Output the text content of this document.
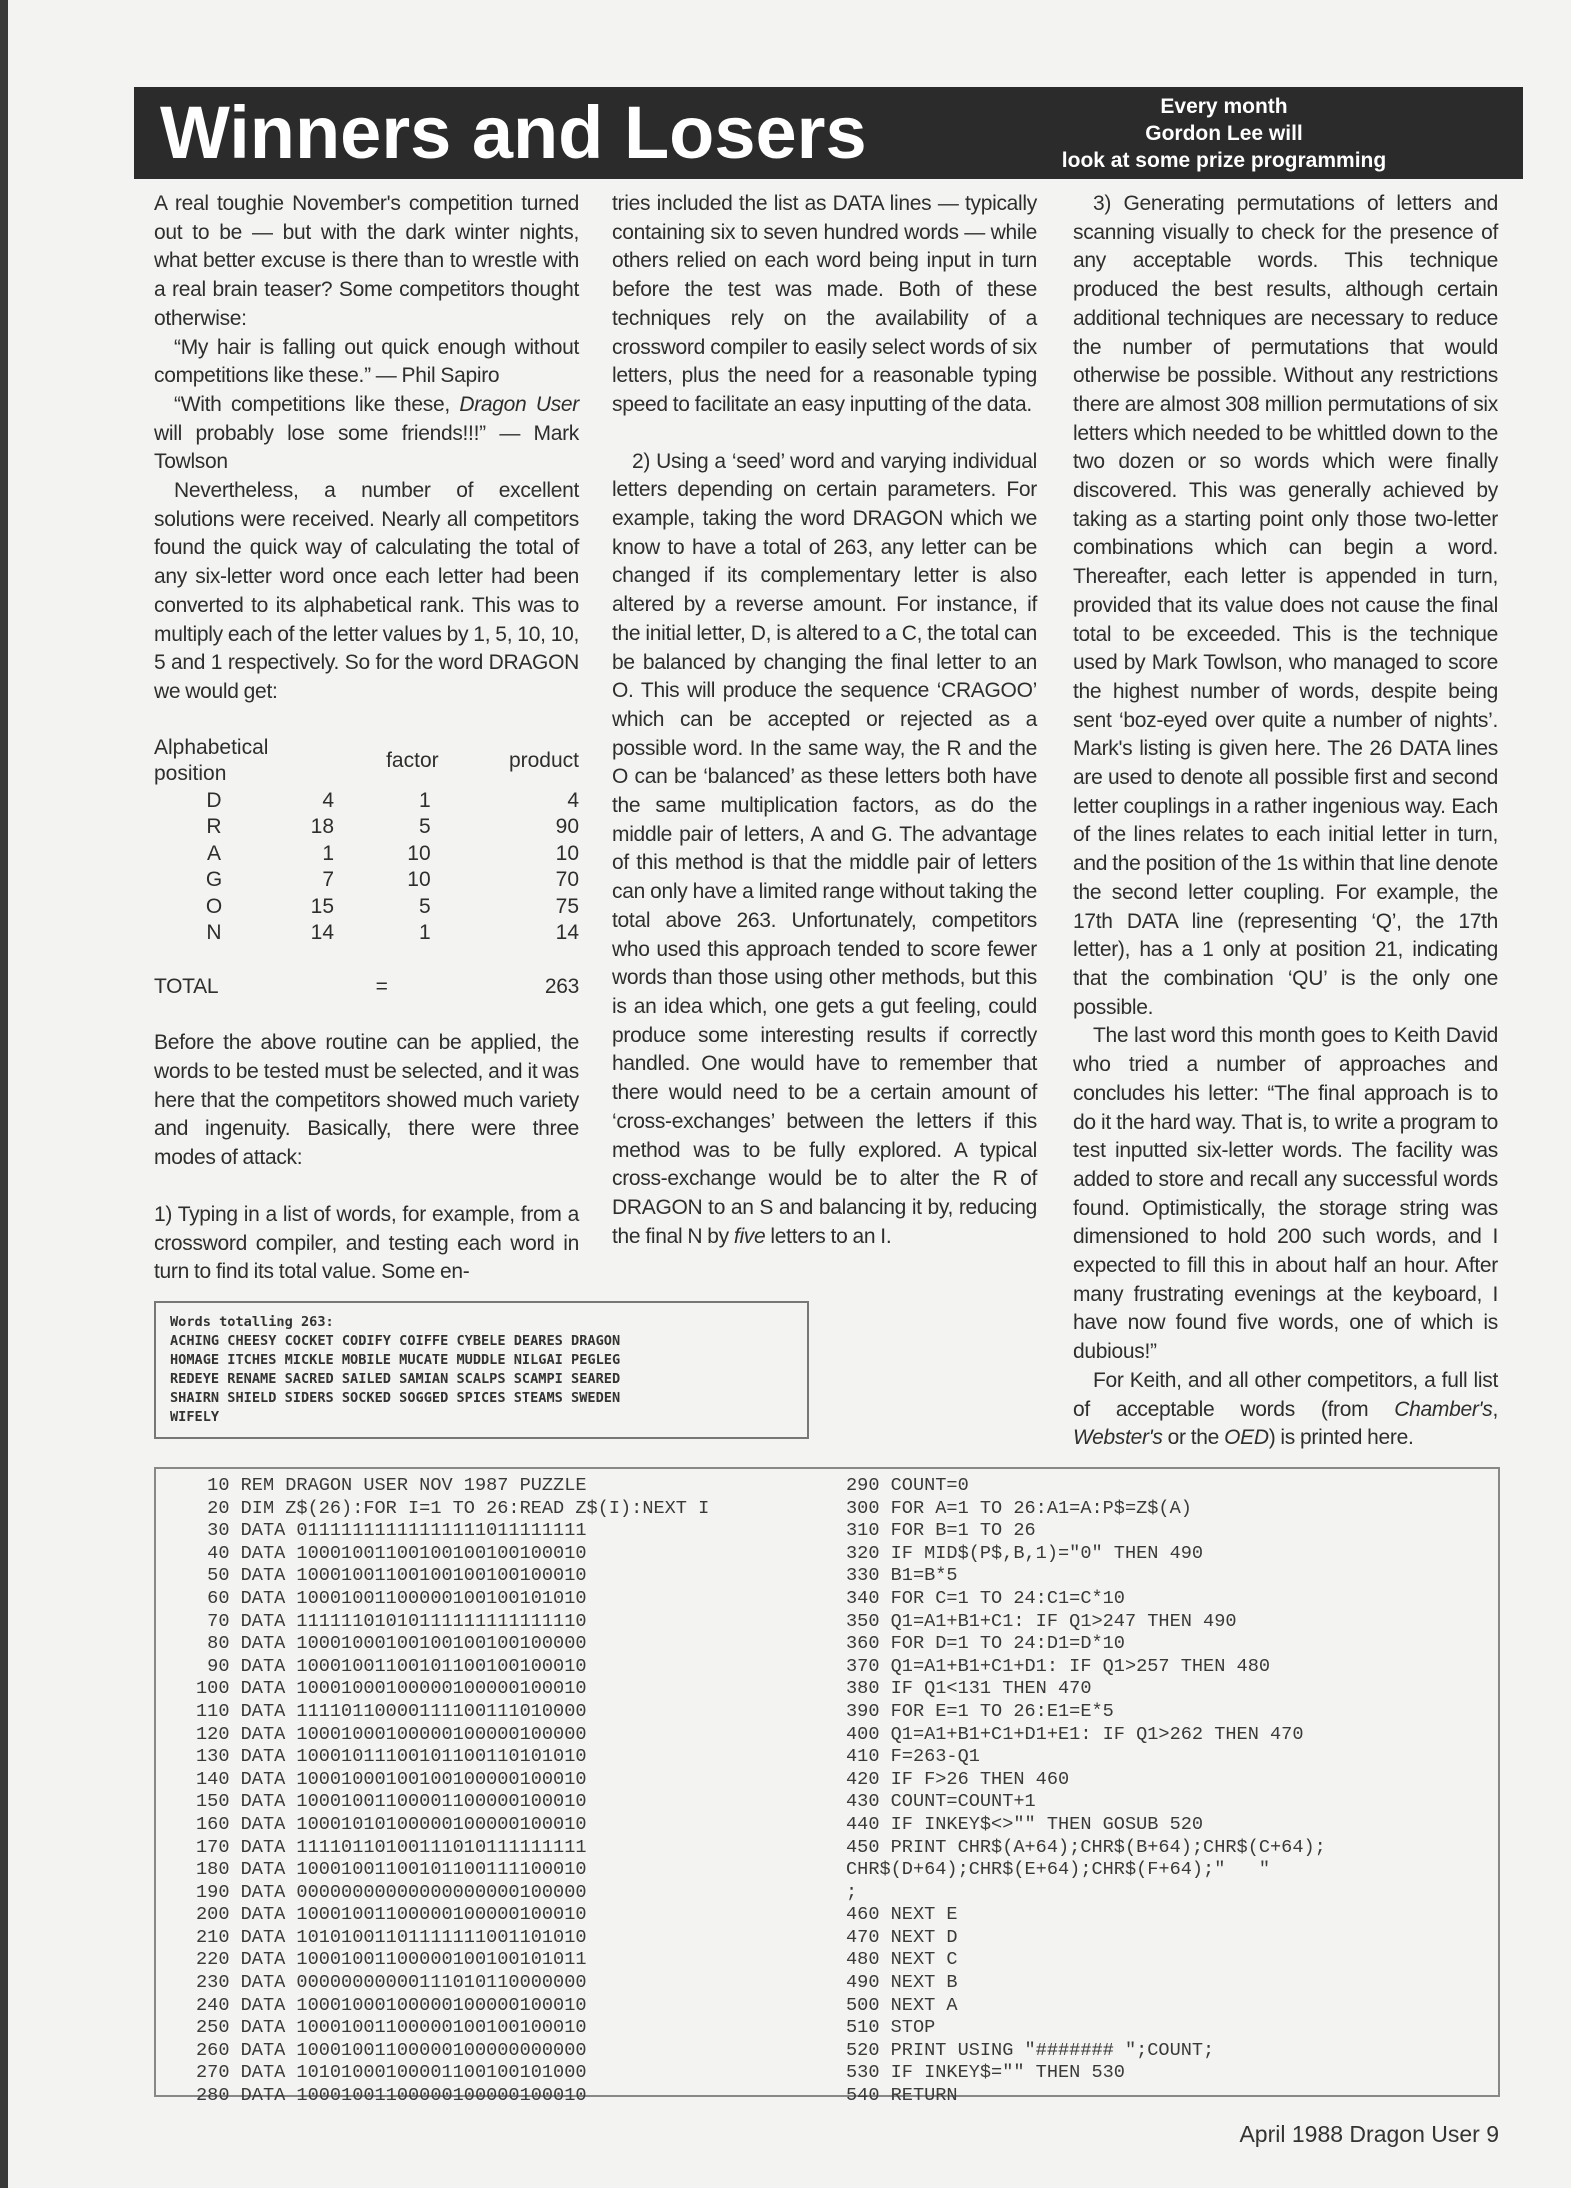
Winners and Losers	Every month
Gordon Lee will
look at some prize programming

A real toughie November's competition turned out to be — but with the dark winter nights, what better excuse is there than to wrestle with a real brain teaser? Some competitors thought otherwise:

“My hair is falling out quick enough without competitions like these.” — Phil Sapiro

“With competitions like these, Dragon User will probably lose some friends!!!” — Mark Towlson

Nevertheless, a number of excellent solutions were received. Nearly all competitors found the quick way of calculating the total of any six-letter word once each letter had been converted to its alphabetical rank. This was to multiply each of the letter values by 1, 5, 10, 10, 5 and 1 respectively. So for the word DRAGON we would get:

Alphabetical position		factor	product
D	4	1	4
R	18	5	90
A	1	10	10
G	7	10	70
O	15	5	75
N	14	1	14
TOTAL	=	263

Before the above routine can be applied, the words to be tested must be selected, and it was here that the competitors showed much variety and ingenuity. Basically, there were three modes of attack:

1) Typing in a list of words, for example, from a crossword compiler, and testing each word in turn to find its total value. Some en-

tries included the list as DATA lines — typically containing six to seven hundred words — while others relied on each word being input in turn before the test was made. Both of these techniques rely on the availability of a crossword compiler to easily select words of six letters, plus the need for a reasonable typing speed to facilitate an easy inputting of the data.

2) Using a ‘seed’ word and varying individual letters depending on certain parameters. For example, taking the word DRAGON which we know to have a total of 263, any letter can be changed if its complementary letter is also altered by a reverse amount. For instance, if the initial letter, D, is altered to a C, the total can be balanced by changing the final letter to an O. This will produce the sequence ‘CRAGOO’ which can be accepted or rejected as a possible word. In the same way, the R and the O can be ‘balanced’ as these letters both have the same multiplication factors, as do the middle pair of letters, A and G. The advantage of this method is that the middle pair of letters can only have a limited range without taking the total above 263. Unfortunately, competitors who used this approach tended to score fewer words than those using other methods, but this is an idea which, one gets a gut feeling, could produce some interesting results if correctly handled. One would have to remember that there would need to be a certain amount of ‘cross-exchanges’ between the letters if this method was to be fully explored. A typical cross-exchange would be to alter the R of DRAGON to an S and balancing it by, reducing the final N by five letters to an I.

3) Generating permutations of letters and scanning visually to check for the presence of any acceptable words. This technique produced the best results, although certain additional techniques are necessary to reduce the number of permutations that would otherwise be possible. Without any restrictions there are almost 308 million permutations of six letters which needed to be whittled down to the two dozen or so words which were finally discovered. This was generally achieved by taking as a starting point only those two-letter combinations which can begin a word. Thereafter, each letter is appended in turn, provided that its value does not cause the final total to be exceeded. This is the technique used by Mark Towlson, who managed to score the highest number of words, despite being sent ‘boz-eyed over quite a number of nights’. Mark's listing is given here. The 26 DATA lines are used to denote all possible first and second letter couplings in a rather ingenious way. Each of the lines relates to each initial letter in turn, and the position of the 1s within that line denote the second letter coupling. For example, the 17th DATA line (representing ‘Q’, the 17th letter), has a 1 only at position 21, indicating that the combination ‘QU’ is the only one possible.

The last word this month goes to Keith David who tried a number of approaches and concludes his letter: “The final approach is to do it the hard way. That is, to write a program to test inputted six-letter words. The facility was added to store and recall any successful words found. Optimistically, the storage string was dimensioned to hold 200 such words, and I expected to fill this in about half an hour. After many frustrating evenings at the keyboard, I have now found five words, one of which is dubious!”

For Keith, and all other competitors, a full list of acceptable words (from Chamber's, Webster's or the OED) is printed here.

Words totalling 263:
ACHING CHEESY COCKET CODIFY COIFFE CYBELE DEARES DRAGON
HOMAGE ITCHES MICKLE MOBILE MUCATE MUDDLE NILGAI PEGLEG
REDEYE RENAME SACRED SAILED SAMIAN SCALPS SCAMPI SEARED
SHAIRN SHIELD SIDERS SOCKED SOGGED SPICES STEAMS SWEDEN
WIFELY
10 REM DRAGON USER NOV 1987 PUZZLE
20 DIM Z$(26):FOR I=1 TO 26:READ Z$(I):NEXT I
30 DATA 01111111111111111011111111
40 DATA 10001001100100100100100010
50 DATA 10001001100100100100100010
60 DATA 10001001100000100100101010
70 DATA 11111101010111111111111110
80 DATA 10001000100100100100100000
90 DATA 10001001100101100100100010
100 DATA 10001000100000100000100010
110 DATA 11110110000111100111010000
120 DATA 10001000100000100000100000
130 DATA 10001011100101100110101010
140 DATA 10001000100100100000100010
150 DATA 10001001100001100000100010
160 DATA 10001010100000100000100010
170 DATA 11110110100111010111111111
180 DATA 10001001100101100111100010
190 DATA 00000000000000000000100000
200 DATA 10001001100000100000100010
210 DATA 10101001101111111001101010
220 DATA 10001001100000100100101011
230 DATA 00000000000111010110000000
240 DATA 10001000100000100000100010
250 DATA 10001001100000100100100010
260 DATA 10001001100000100000000000
270 DATA 10101000100001100100101000
280 DATA 10001001100000100000100010
290 COUNT=0
300 FOR A=1 TO 26:A1=A:P$=Z$(A)
310 FOR B=1 TO 26
320 IF MID$(P$,B,1)="0" THEN 490
330 B1=B*5
340 FOR C=1 TO 24:C1=C*10
350 Q1=A1+B1+C1: IF Q1>247 THEN 490
360 FOR D=1 TO 24:D1=D*10
370 Q1=A1+B1+C1+D1: IF Q1>257 THEN 480
380 IF Q1<131 THEN 470
390 FOR E=1 TO 26:E1=E*5
400 Q1=A1+B1+C1+D1+E1: IF Q1>262 THEN 470
410 F=263-Q1
420 IF F>26 THEN 460
430 COUNT=COUNT+1
440 IF INKEY$<>"" THEN GOSUB 520
450 PRINT CHR$(A+64);CHR$(B+64);CHR$(C+64);
CHR$(D+64);CHR$(E+64);CHR$(F+64);"   "
;
460 NEXT E
470 NEXT D
480 NEXT C
490 NEXT B
500 NEXT A
510 STOP
520 PRINT USING "####### ";COUNT;
530 IF INKEY$="" THEN 530
540 RETURN
April 1988 Dragon User 9
